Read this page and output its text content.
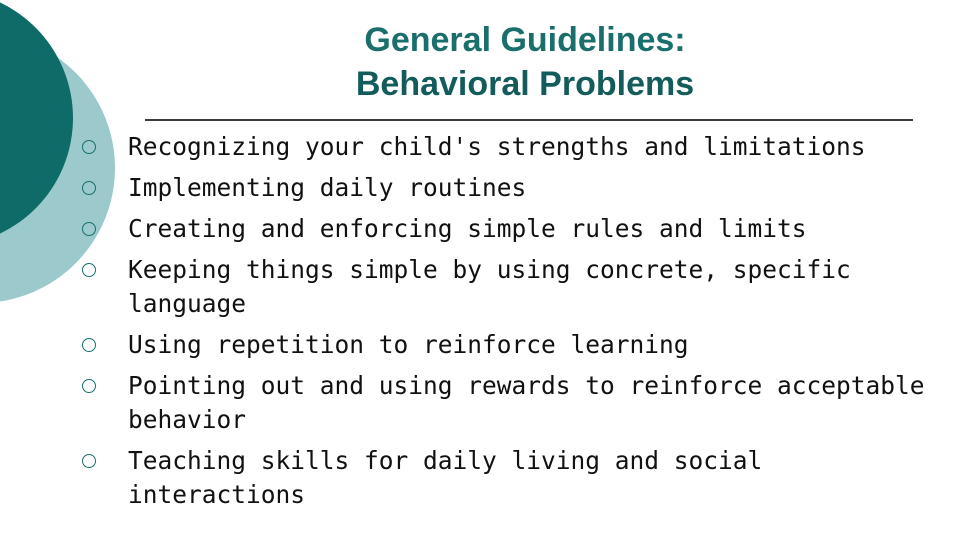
General Guidelines:
Behavioral Problems
Recognizing your child's strengths and limitations
Implementing daily routines
Creating and enforcing simple rules and limits
Keeping things simple by using concrete, specific language
Using repetition to reinforce learning
Pointing out and using rewards to reinforce acceptable behavior
Teaching skills for daily living and social interactions
